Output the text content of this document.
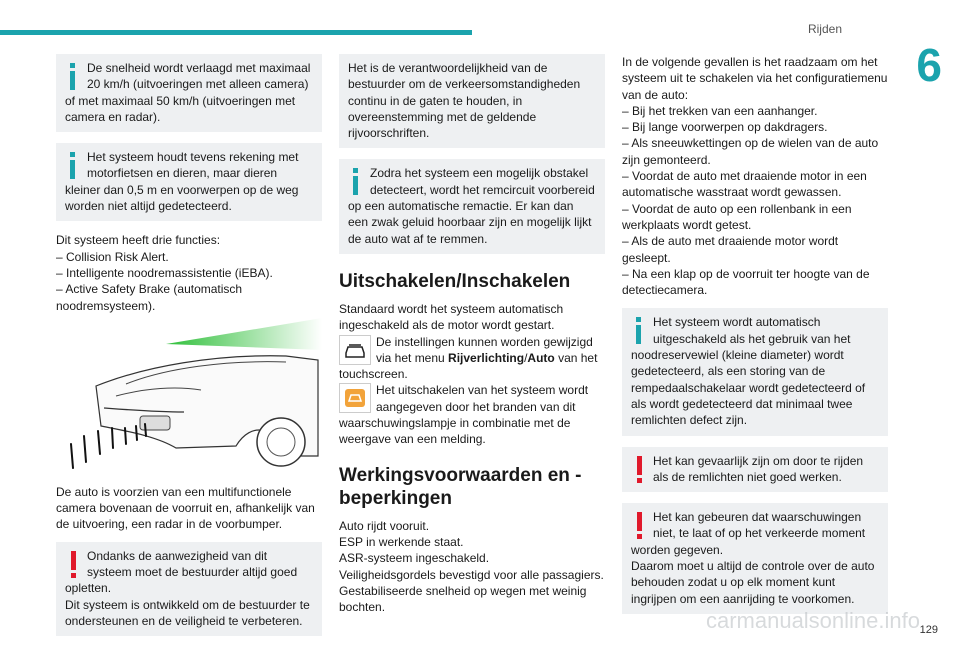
Rijden
6
De snelheid wordt verlaagd met maximaal 20 km/h (uitvoeringen met alleen camera) of met maximaal 50 km/h (uitvoeringen met camera en radar).
Het systeem houdt tevens rekening met motorfietsen en dieren, maar dieren kleiner dan 0,5 m en voorwerpen op de weg worden niet altijd gedetecteerd.

Dit systeem heeft drie functies:

– Collision Risk Alert.

– Intelligente noodremassistentie (iEBA).

– Active Safety Brake (automatisch noodremsysteem).

De auto is voorzien van een multifunctionele camera bovenaan de voorruit en, afhankelijk van de uitvoering, een radar in de voorbumper.

Ondanks de aanwezigheid van dit systeem moet de bestuurder altijd goed opletten.
Dit systeem is ontwikkeld om de bestuurder te ondersteunen en de veiligheid te verbeteren.
Het is de verantwoordelijkheid van de bestuurder om de verkeersomstandigheden continu in de gaten te houden, in overeenstemming met de geldende rijvoorschriften.
Zodra het systeem een mogelijk obstakel detecteert, wordt het remcircuit voorbereid op een automatische remactie. Er kan dan een zwak geluid hoorbaar zijn en mogelijk lijkt de auto wat af te remmen.
Uitschakelen/Inschakelen

Standaard wordt het systeem automatisch ingeschakeld als de motor wordt gestart.

De instellingen kunnen worden gewijzigd via het menu Rijverlichting/Auto van het touchscreen.
Het uitschakelen van het systeem wordt aangegeven door het branden van dit waarschuwingslampje in combinatie met de weergave van een melding.
Werkingsvoorwaarden en -beperkingen

Auto rijdt vooruit.

ESP in werkende staat.

ASR-systeem ingeschakeld.

Veiligheidsgordels bevestigd voor alle passagiers.

Gestabiliseerde snelheid op wegen met weinig bochten.

In de volgende gevallen is het raadzaam om het systeem uit te schakelen via het configuratiemenu van de auto:

– Bij het trekken van een aanhanger.

– Bij lange voorwerpen op dakdragers.

– Als sneeuwkettingen op de wielen van de auto zijn gemonteerd.

– Voordat de auto met draaiende motor in een automatische wasstraat wordt gewassen.

– Voordat de auto op een rollenbank in een werkplaats wordt getest.

– Als de auto met draaiende motor wordt gesleept.

– Na een klap op de voorruit ter hoogte van de detectiecamera.

Het systeem wordt automatisch uitgeschakeld als het gebruik van het noodreservewiel (kleine diameter) wordt gedetecteerd, als een storing van de rempedaalschakelaar wordt gedetecteerd of als wordt gedetecteerd dat minimaal twee remlichten defect zijn.
Het kan gevaarlijk zijn om door te rijden als de remlichten niet goed werken.
Het kan gebeuren dat waarschuwingen niet, te laat of op het verkeerde moment worden gegeven.
Daarom moet u altijd de controle over de auto behouden zodat u op elk moment kunt ingrijpen om een aanrijding te voorkomen.
carmanualsonline.info 129
